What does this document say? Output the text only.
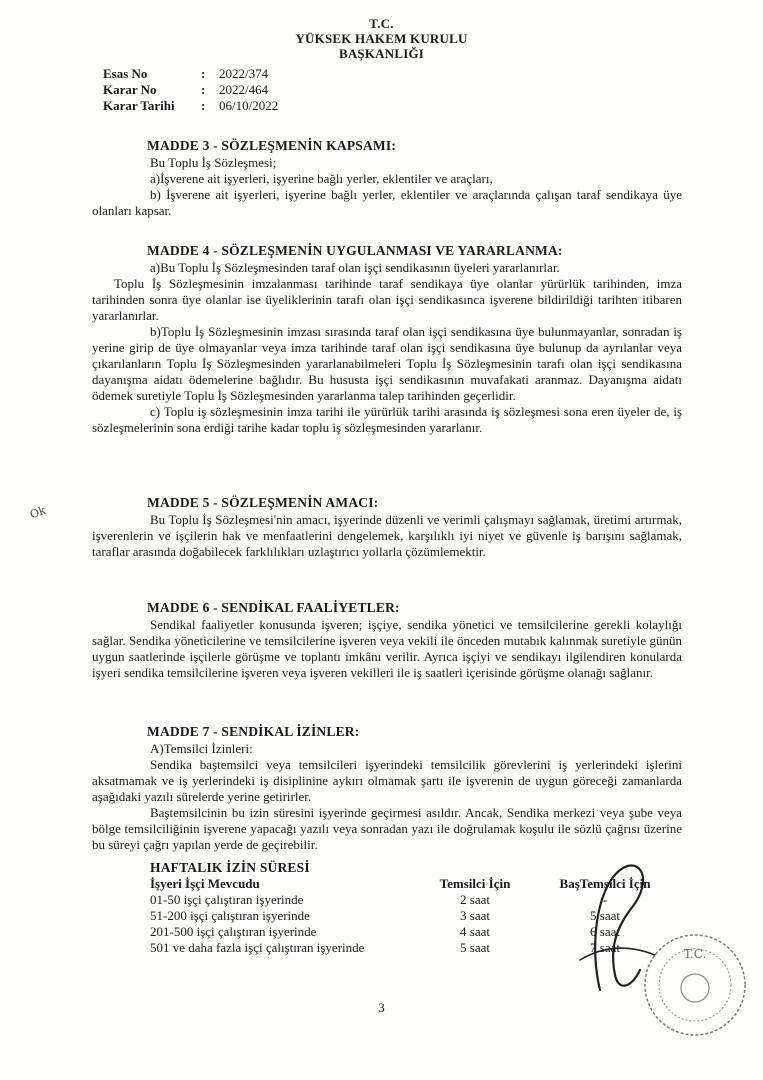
T.C.
YÜKSEK HAKEM KURULU
BAŞKANLIĞI
Esas No	:	2022/374
Karar No	:	2022/464
Karar Tarihi	:	06/10/2022
MADDE 3 - SÖZLEŞMENİN KAPSAMI:

Bu Toplu İş Sözleşmesi;

a)İşverene ait işyerleri, işyerine bağlı yerler, eklentiler ve araçları,

b) İşverene ait işyerleri, işyerine bağlı yerler, eklentiler ve araçlarında çalışan taraf sendikaya üye olanları kapsar.

MADDE 4 - SÖZLEŞMENİN UYGULANMASI VE YARARLANMA:

a)Bu Toplu İş Sözleşmesinden taraf olan işçi sendikasının üyeleri yararlanırlar.

Toplu İş Sözleşmesinin imzalanması tarihinde taraf sendikaya üye olanlar yürürlük tarihinden, imza tarihinden sonra üye olanlar ise üyeliklerinin tarafı olan işçi sendikasınca işverene bildirildiği tarihten itibaren yararlanırlar.

b)Toplu İş Sözleşmesinin imzası sırasında taraf olan işçi sendikasına üye bulunmayanlar, sonradan iş yerine girip de üye olmayanlar veya imza tarihinde taraf olan işçi sendikasına üye bulunup da ayrılanlar veya çıkarılanların Toplu İş Sözleşmesinden yararlanabilmeleri Toplu İş Sözleşmesinin tarafı olan işçi sendikasına dayanışma aidatı ödemelerine bağlıdır. Bu hususta işçi sendikasının muvafakati aranmaz. Dayanışma aidatı ödemek suretiyle Toplu İş Sözleşmesinden yararlanma talep tarihinden geçerlidir.

c) Toplu iş sözleşmesinin imza tarihi ile yürürlük tarihi arasında iş sözleşmesi sona eren üyeler de, iş sözleşmelerinin sona erdiği tarihe kadar toplu iş sözleşmesinden yararlanır.

MADDE 5 - SÖZLEŞMENİN AMACI:

Bu Toplu İş Sözleşmesi'nin amacı, işyerinde düzenli ve verimli çalışmayı sağlamak, üretimi artırmak, işverenlerin ve işçilerin hak ve menfaatlerini dengelemek, karşılıklı iyi niyet ve güvenle iş barışını sağlamak, taraflar arasında doğabilecek farklılıkları uzlaştırıcı yollarla çözümlemektir.

MADDE 6 - SENDİKAL FAALİYETLER:

Sendikal faaliyetler konusunda işveren; işçiye, sendika yönetici ve temsilcilerine gerekli kolaylığı sağlar. Sendika yöneticilerine ve temsilcilerine işveren veya vekili ile önceden mutabık kalınmak suretiyle günün uygun saatlerinde işçilerle görüşme ve toplantı imkânı verilir. Ayrıca işçiyi ve sendikayı ilgilendiren konularda işyeri sendika temsilcilerine işveren veya işveren vekilleri ile iş saatleri içerisinde görüşme olanağı sağlanır.

MADDE 7 - SENDİKAL İZİNLER:

A)Temsilci İzinleri:

Sendika baştemsilci veya temsilcileri işyerindeki temsilcilik görevlerini iş yerlerindeki işlerini aksatmamak ve iş yerlerindeki iş disiplinine aykırı olmamak şartı ile işverenin de uygun göreceği zamanlarda aşağıdaki yazılı sürelerde yerine getirirler.

Baştemsilcinin bu izin süresini işyerinde geçirmesi asıldır. Ancak, Sendika merkezi veya şube veya bölge temsilciliğinin işverene yapacağı yazılı veya sonradan yazı ile doğrulamak koşulu ile sözlü çağrısı üzerine bu süreyi çağrı yapılan yerde de geçirebilir.

HAFTALIK İZİN SÜRESİ
İşyeri İşçi Mevcudu	Temsilci İçin	BaşTemsilci İçin
01-50 işçi çalıştıran işyerinde	2 saat	-
51-200 işçi çalıştıran işyerinde	3 saat	5 saat
201-500 işçi çalıştıran işyerinde	4 saat	6 saat
501 ve daha fazla işçi çalıştıran işyerinde	5 saat	7 saat
3
Ok
T.C.
